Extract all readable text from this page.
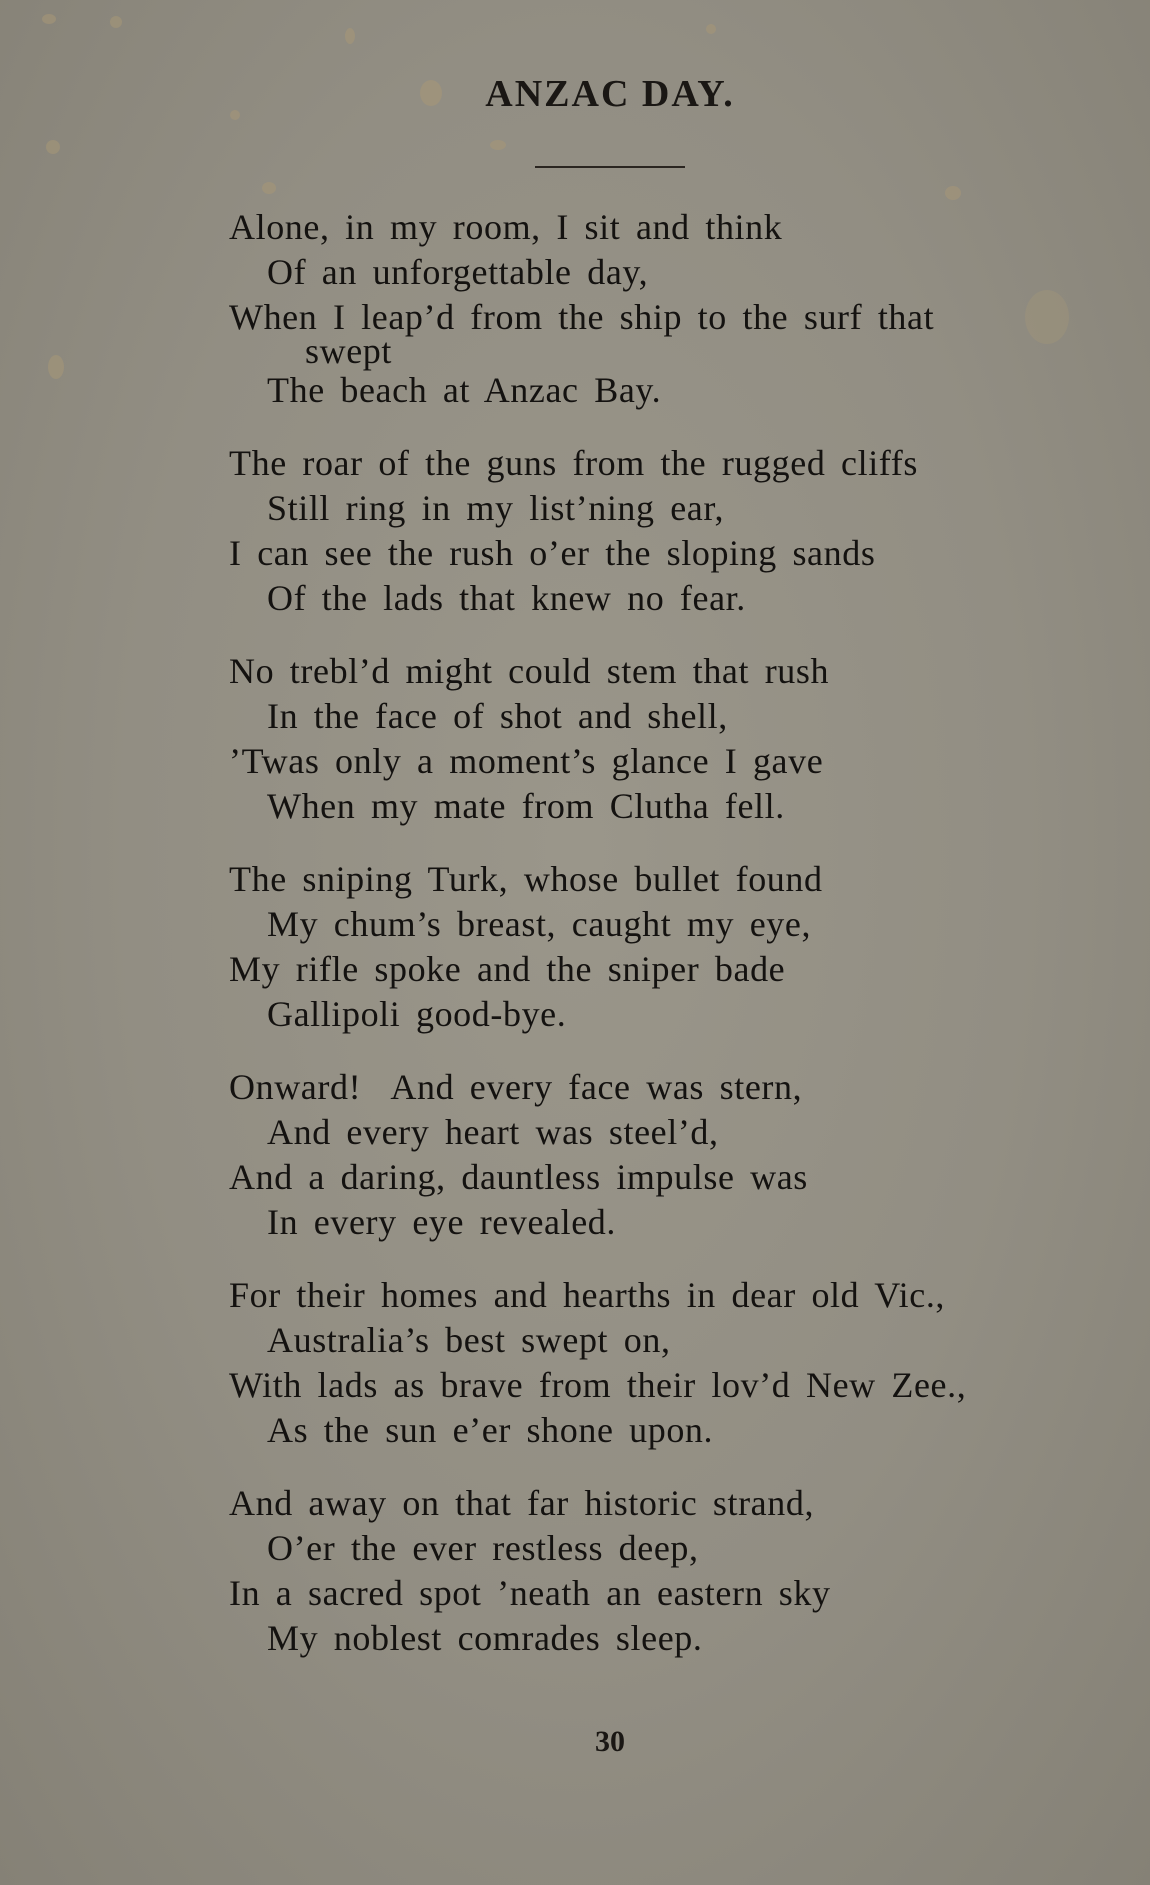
ANZAC DAY.
Alone, in my room, I sit and think
Of an unforgettable day,
When I leap’d from the ship to the surf that
swept
The beach at Anzac Bay.
The roar of the guns from the rugged cliffs
Still ring in my list’ning ear,
I can see the rush o’er the sloping sands
Of the lads that knew no fear.
No trebl’d might could stem that rush
In the face of shot and shell,
’Twas only a moment’s glance I gave
When my mate from Clutha fell.
The sniping Turk, whose bullet found
My chum’s breast, caught my eye,
My rifle spoke and the sniper bade
Gallipoli good-bye.
Onward!  And every face was stern,
And every heart was steel’d,
And a daring, dauntless impulse was
In every eye revealed.
For their homes and hearths in dear old Vic.,
Australia’s best swept on,
With lads as brave from their lov’d New Zee.,
As the sun e’er shone upon.
And away on that far historic strand,
O’er the ever restless deep,
In a sacred spot ’neath an eastern sky
My noblest comrades sleep.
30
